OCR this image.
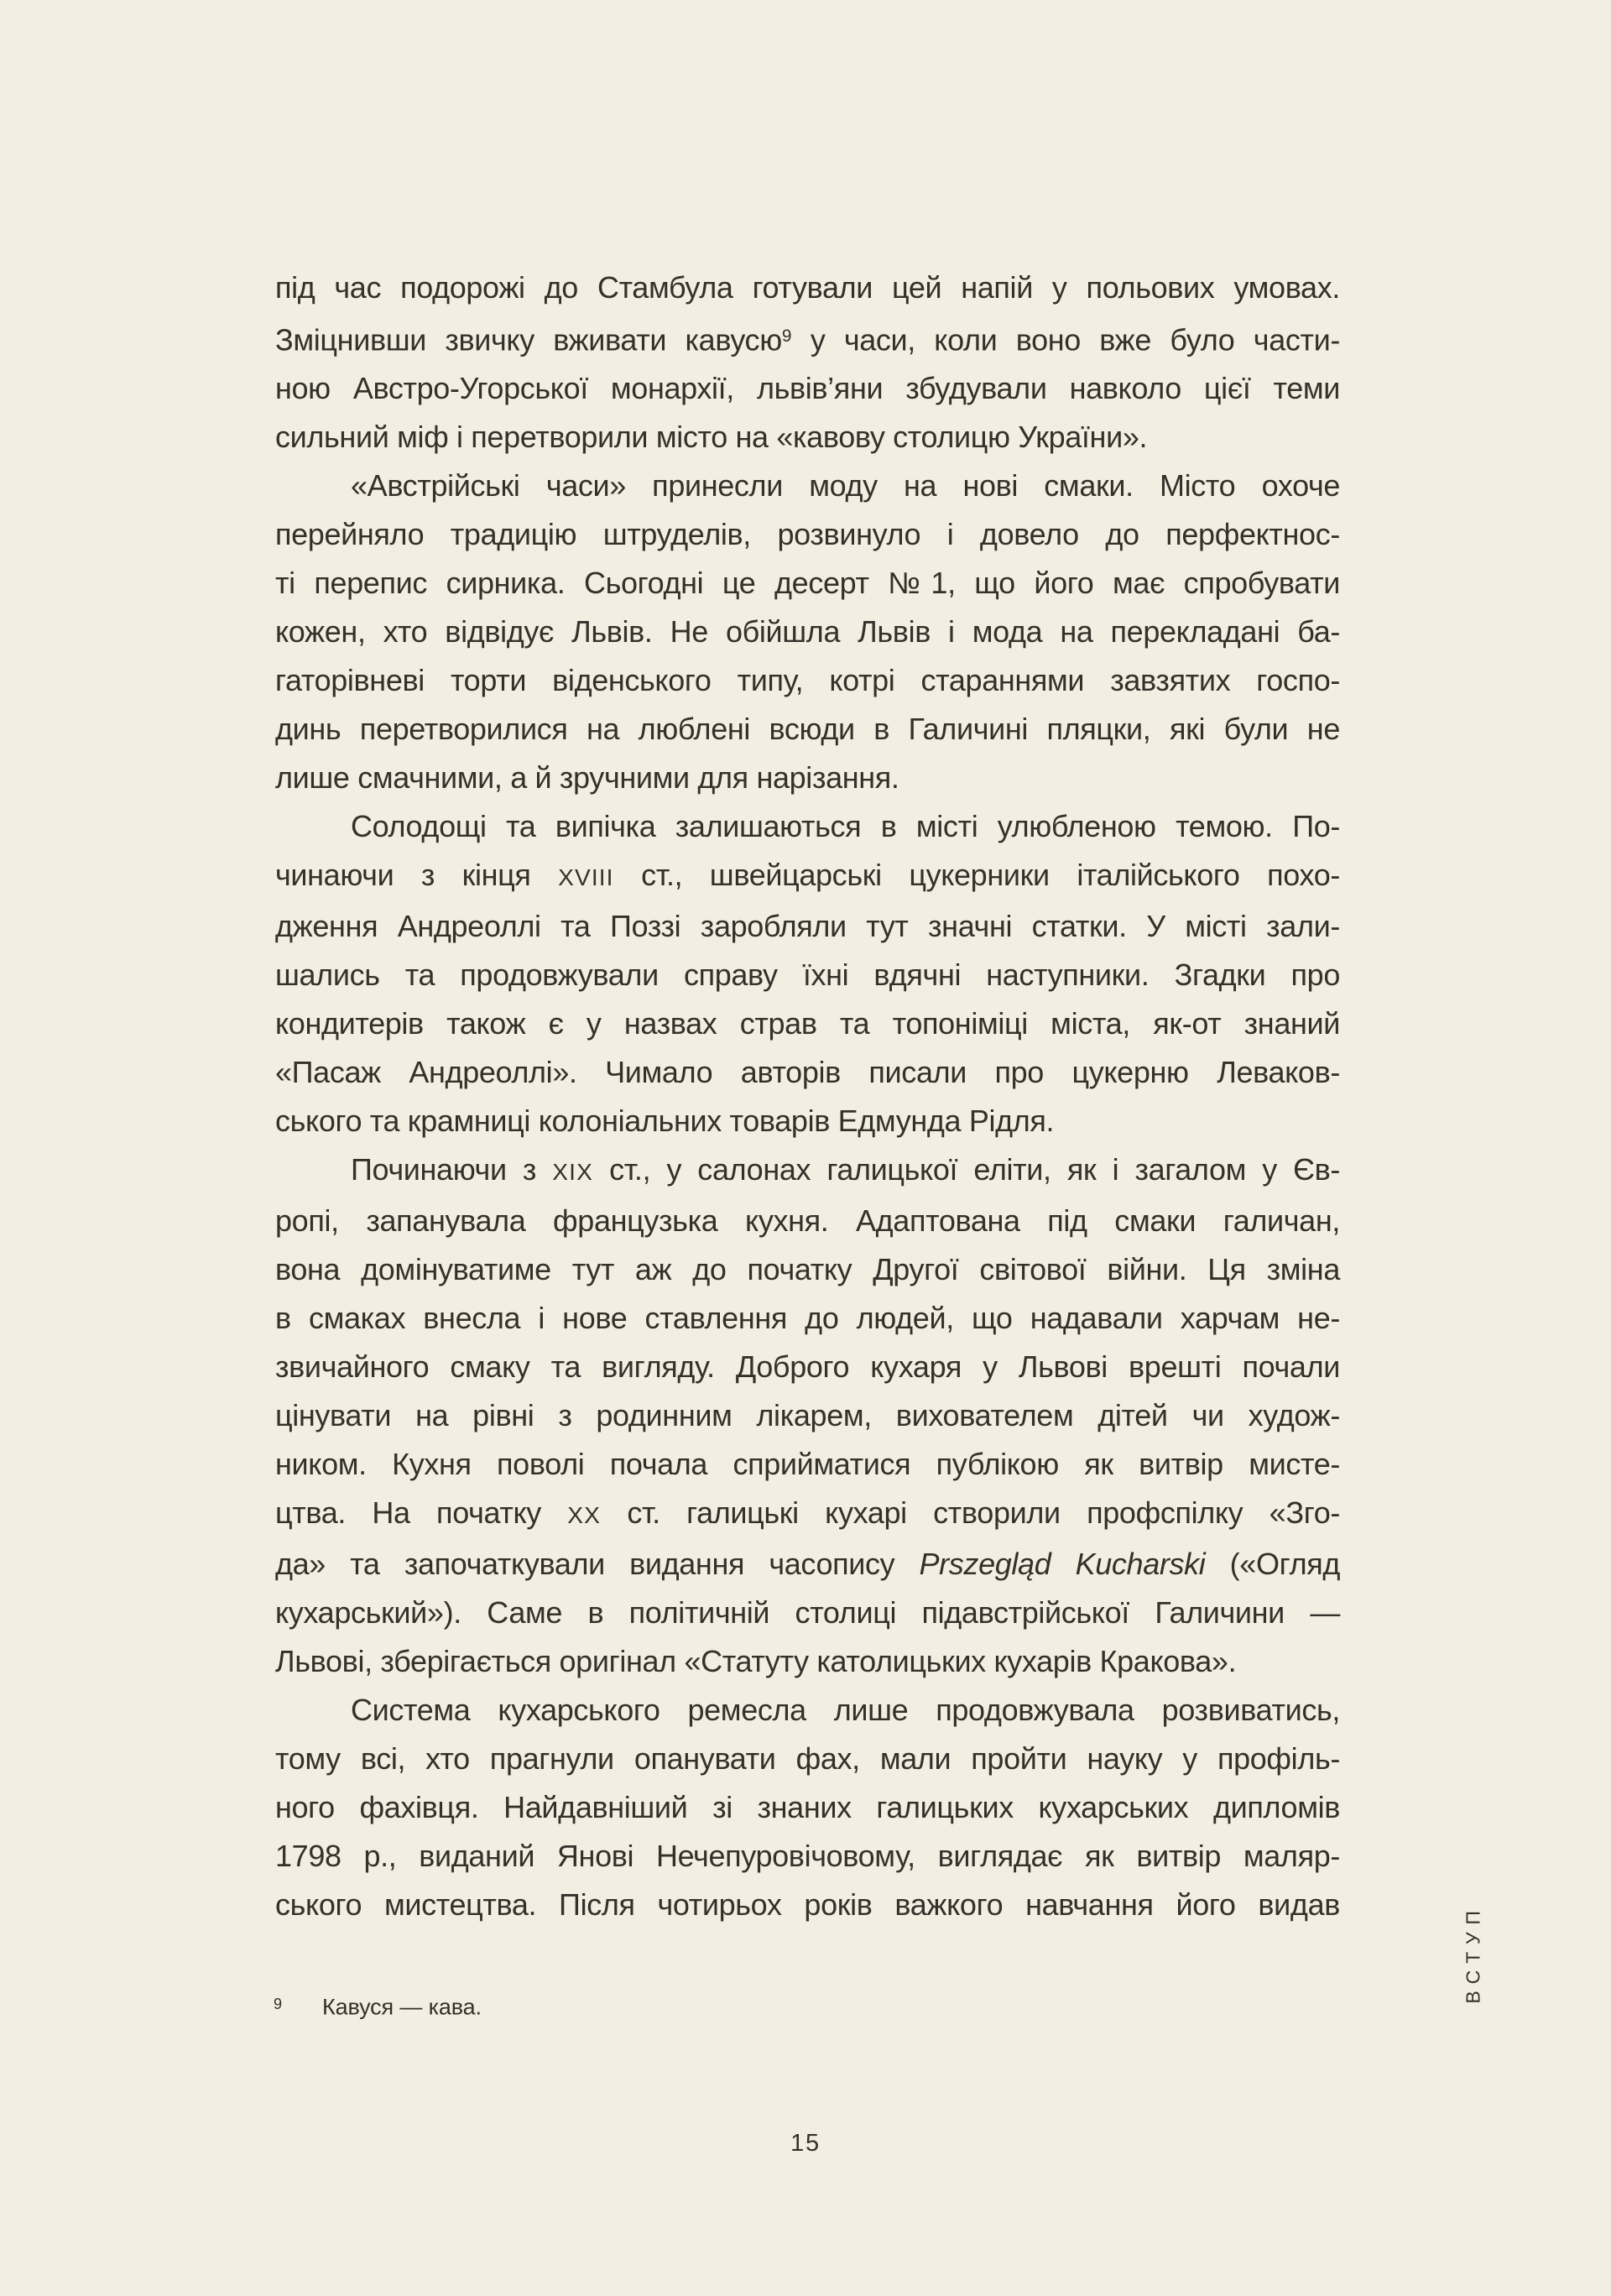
під час подорожі до Стамбула готували цей напій у польових умовах.
Зміцнивши звичку вживати кавусю$^9$ у часи, коли воно вже було части-
ною Австро-Угорської монархії, львів’яни збудували навколо цієї теми
сильний міф і перетворили місто на «кавову столицю України».
«Австрійські часи» принесли моду на нові смаки. Місто охоче
перейняло традицію штруделів, розвинуло і довело до перфектнос-
ті перепис сирника. Сьогодні це десерт №1, що його має спробувати
кожен, хто відвідує Львів. Не обійшла Львів і мода на перекладані ба-
гаторівневі торти віденського типу, котрі стараннями завзятих госпо-
динь перетворилися на люблені всюди в Галичині пляцки, які були не
лише смачними, а й зручними для нарізання.
Солодощі та випічка залишаються в місті улюбленою темою. По-
чинаючи з кінця XVIII ст., швейцарські цукерники італійського похо-
дження Андреоллі та Поззі заробляли тут значні статки. У місті зали-
шались та продовжували справу їхні вдячні наступники. Згадки про
кондитерів також є у назвах страв та топоніміці міста, як-от знаний
«Пасаж Андреоллі». Чимало авторів писали про цукерню Леваков-
ського та крамниці колоніальних товарів Едмунда Рідля.
Починаючи з XIX ст., у салонах галицької еліти, як і загалом у Єв-
ропі, запанувала французька кухня. Адаптована під смаки галичан,
вона домінуватиме тут аж до початку Другої світової війни. Ця зміна
в смаках внесла і нове ставлення до людей, що надавали харчам не-
звичайного смаку та вигляду. Доброго кухаря у Львові врешті почали
цінувати на рівні з родинним лікарем, вихователем дітей чи худож-
ником. Кухня поволі почала сприйматися публікою як витвір мисте-
цтва. На початку XX ст. галицькі кухарі створили профспілку «Зго-
да» та започаткували видання часопису Prszegląd Kucharski («Огляд
кухарський»). Саме в політичній столиці підавстрійської Галичини —
Львові, зберігається оригінал «Статуту католицьких кухарів Кракова».
Система кухарського ремесла лише продовжувала розвиватись,
тому всі, хто прагнули опанувати фах, мали пройти науку у профіль-
ного фахівця. Найдавніший зі знаних галицьких кухарських дипломів
1798 р., виданий Янові Нечепуровічовому, виглядає як витвір маляр-
ського мистецтва. Після чотирьох років важкого навчання його видав
9 Кавуся — кава.
ВСТУП
15
